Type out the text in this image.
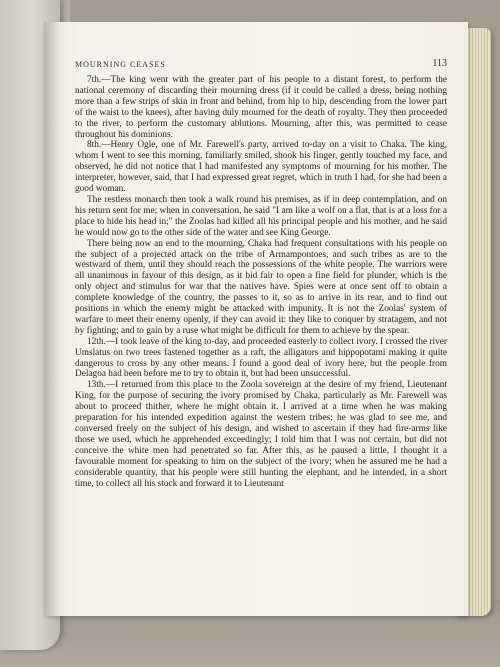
MOURNING CEASES	113

7th.—The king went with the greater part of his people to a distant forest, to perform the national ceremony of discarding their mourning dress (if it could be called a dress, being nothing more than a few strips of skin in front and behind, from hip to hip, descending from the lower part of the waist to the knees), after having duly mourned for the death of royalty. They then proceeded to the river, to perform the customary ablutions. Mourning, after this, was permitted to cease throughout his dominions.

8th.—Henry Ogle, one of Mr. Farewell's party, arrived to-day on a visit to Chaka. The king, whom I went to see this morning, familiarly smiled, shook his finger, gently touched my face, and observed, he did not notice that I had manifested any symptoms of mourning for his mother. The interpreter, however, said, that I had expressed great regret, which in truth I had, for she had been a good woman.

The restless monarch then took a walk round his premises, as if in deep contemplation, and on his return sent for me; when in conversation, he said "I am like a wolf on a flat, that is at a loss for a place to hide his head in;" the Zoolas had killed all his principal people and his mother, and he said he would now go to the other side of the water and see King George.

There being now an end to the mourning, Chaka had frequent consultations with his people on the subject of a projected attack on the tribe of Armampontoes, and such tribes as are to the westward of them, until they should reach the possessions of the white people. The warriors were all unanimous in favour of this design, as it bid fair to open a fine field for plunder, which is the only object and stimulus for war that the natives have. Spies were at once sent off to obtain a complete knowledge of the country, the passes to it, so as to arrive in its rear, and to find out positions in which the enemy might be attacked with impunity. It is not the Zoolas' system of warfare to meet their enemy openly, if they can avoid it: they like to conquer by stratagem, and not by fighting; and to gain by a ruse what might be difficult for them to achieve by the spear.

12th.—I took leave of the king to-day, and proceeded easterly to collect ivory. I crossed the river Umslatus on two trees fastened together as a raft, the alligators and hippopotami making it quite dangerous to cross by any other means. I found a good deal of ivory here, but the people from Delagoa had been before me to try to obtain it, but had been unsuccessful.

13th.—I returned from this place to the Zoola sovereign at the desire of my friend, Lieutenant King, for the purpose of securing the ivory promised by Chaka, particularly as Mr. Farewell was about to proceed thither, where he might obtain it. I arrived at a time when he was making preparation for his intended expedition against the western tribes; he was glad to see me, and conversed freely on the subject of his design, and wished to ascertain if they had fire-arms like those we used, which he apprehended exceedingly; I told him that I was not certain, but did not conceive the white men had penetrated so far. After this, as he paused a little, I thought it a favourable moment for speaking to him on the subject of the ivory; when he assured me he had a considerable quantity, that his people were still hunting the elephant, and he intended, in a short time, to collect all his stock and forward it to Lieutenant
